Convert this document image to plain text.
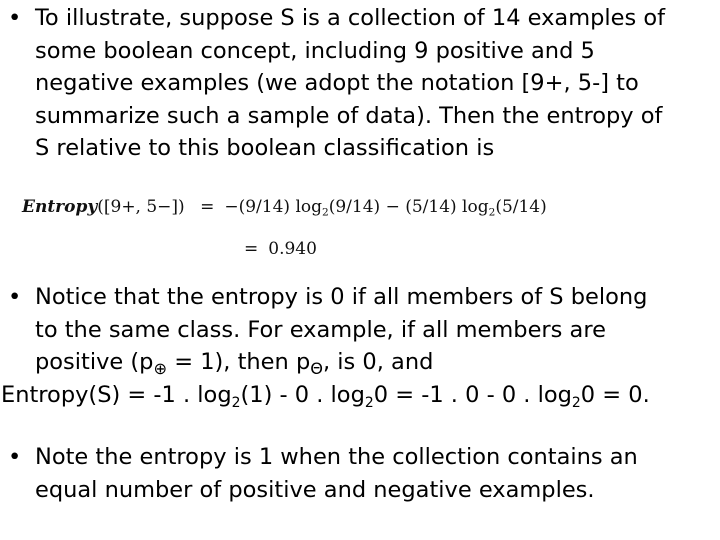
• To illustrate, suppose S is a collection of 14 examples of
some boolean concept, including 9 positive and 5
negative examples (we adopt the notation [9+, 5-] to
summarize such a sample of data). Then the entropy of
S relative to this boolean classification is
Entropy([9+, 5−]) = −(9/14) $\log_2(9/14) - (5/14)$ $\log_2(5/14)$
= 0.940
• Notice that the entropy is 0 if all members of S belong
to the same class. For example, if all members are
positive $(p_\oplus = 1)$, then $p_\Theta$, is 0, and
Entropy(S) = -1 . $\log_2(1) - 0$ . $\log_20 = -1$ . 0 - 0 . $\log_20 = 0$.
• Note the entropy is 1 when the collection contains an
equal number of positive and negative examples.
